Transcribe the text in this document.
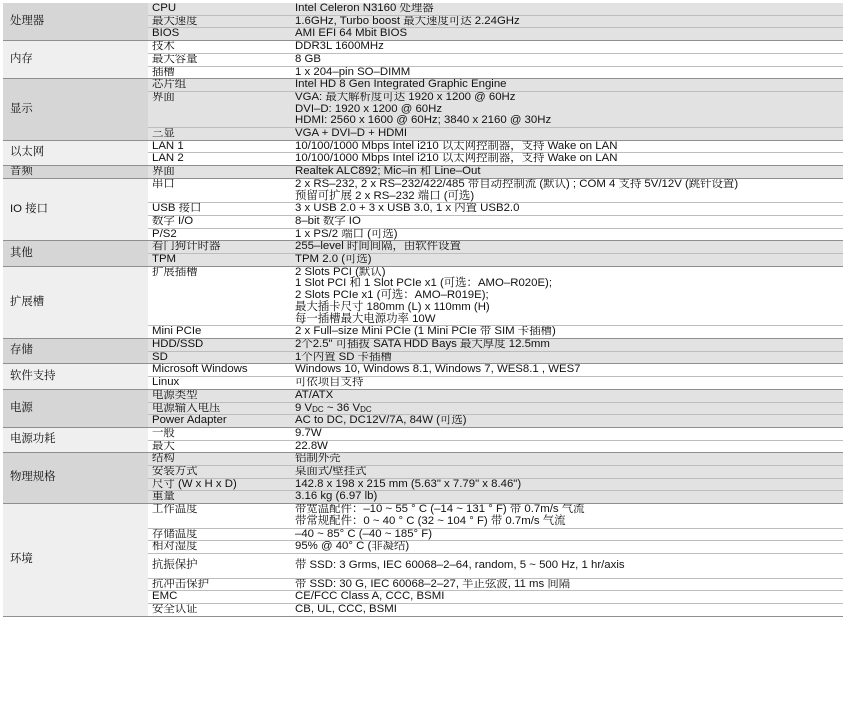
处理器	CPU	Intel Celeron N3160 处理器

	最大速度	1.6GHz, Turbo boost 最大速度可达 2.24GHz

	BIOS	AMI EFI 64 Mbit BIOS

内存	技术	DDR3L 1600MHz

	最大容量	8 GB

	插槽	1 x 204–pin SO–DIMM

显示	芯片组	Intel HD 8 Gen Integrated Graphic Engine

	界面	VGA: 最大解析度可达 1920 x 1200 @ 60Hz
DVI–D: 1920 x 1200 @ 60Hz
HDMI: 2560 x 1600 @ 60Hz; 3840 x 2160 @ 30Hz

	三显	VGA + DVI–D + HDMI

以太网	LAN 1	10/100/1000 Mbps Intel i210 以太网控制器，支持 Wake on LAN

	LAN 2	10/100/1000 Mbps Intel i210 以太网控制器，支持 Wake on LAN

音频	界面	Realtek ALC892; Mic–in 和 Line–Out

IO 接口	串口	2 x RS–232, 2 x RS–232/422/485 带自动控制流 (默认) ; COM 4 支持 5V/12V (跳针设置)
预留可扩展 2 x RS–232 端口 (可选)

	USB 接口	3 x USB 2.0 + 3 x USB 3.0, 1 x 内置 USB2.0

	数字 I/O	8–bit 数字 IO

	P/S2	1 x PS/2 端口 (可选)

其他	看门狗计时器	255–level 时间间隔，由软件设置

	TPM	TPM 2.0 (可选)

扩展槽	扩展插槽	2 Slots PCI (默认)
1 Slot PCI 和 1 Slot PCIe x1 (可选：AMO–R020E);
2 Slots PCIe x1 (可选：AMO–R019E);
最大插卡尺寸 180mm (L) x 110mm (H)
每一插槽最大电源功率 10W

	Mini PCIe	2 x Full–size Mini PCIe (1 Mini PCIe 带 SIM 卡插槽)

存储	HDD/SSD	2个2.5" 可插拔 SATA HDD Bays 最大厚度 12.5mm

	SD	1个内置 SD 卡插槽

软件支持	Microsoft Windows	Windows 10, Windows 8.1, Windows 7, WES8.1 , WES7

	Linux	可依项目支持

电源	电源类型	AT/ATX

	电源输入电压	9 $V_{DC}$ ~ 36 $V_{DC}$

	Power Adapter	AC to DC, DC12V/7A, 84W (可选)

电源功耗	一般	9.7W

	最大	22.8W

物理规格	结构	铝制外壳

	安装方式	桌面式/壁挂式

	尺寸 (W x H x D)	142.8 x 198 x 215 mm (5.63" x 7.79" x 8.46")

	重量	3.16 kg (6.97 lb)

环境	工作温度	带宽温配件：–10 ~ 55 ° C (–14 ~ 131 ° F) 带 0.7m/s 气流
带常规配件：0 ~ 40 ° C (32 ~ 104 ° F) 带 0.7m/s 气流

	存储温度	–40 ~ 85° C (–40 ~ 185° F)

	相对湿度	95% @ 40° C (非凝结)

	抗振保护	带 SSD: 3 Grms, IEC 60068–2–64, random, 5 ~ 500 Hz, 1 hr/axis

	抗冲击保护	带 SSD: 30 G, IEC 60068–2–27, 半正弦波, 11 ms 间隔

	EMC	CE/FCC Class A, CCC, BSMI

	安全认证	CB, UL, CCC, BSMI
